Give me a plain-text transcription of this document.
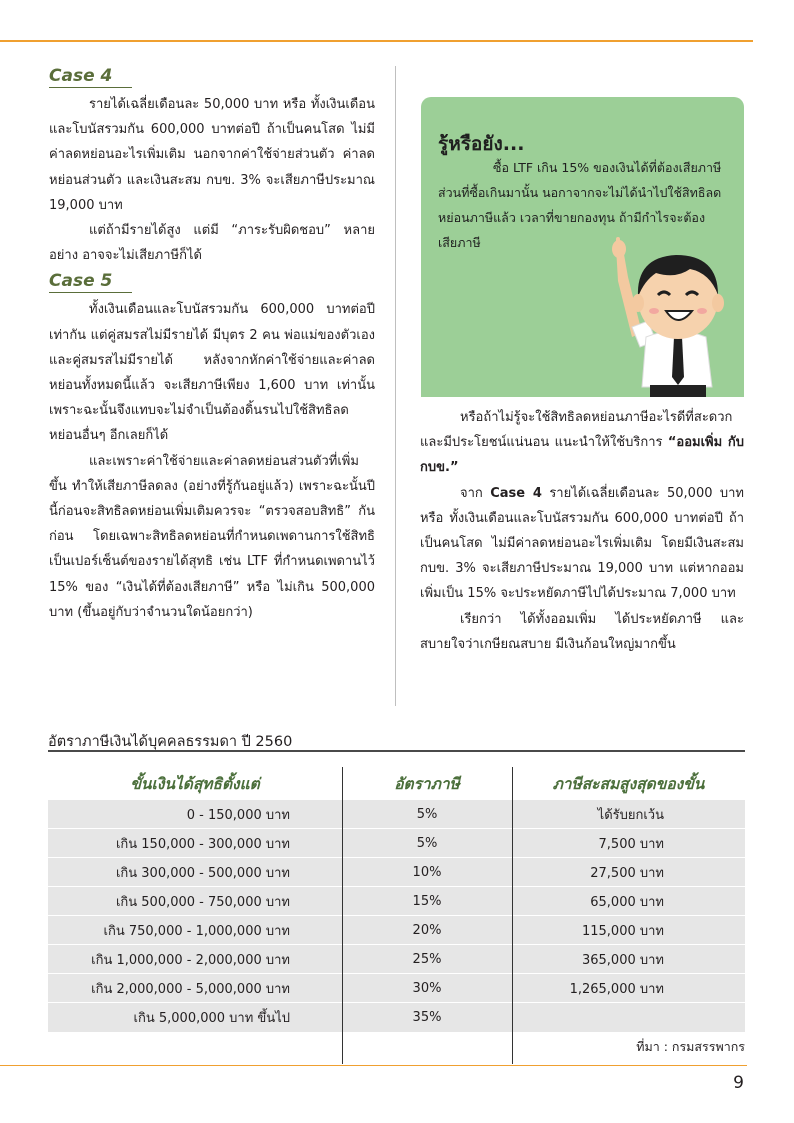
Case 4

รายได้เฉลี่ยเดือนละ 50,000 บาท หรือ ทั้งเงินเดือนและโบนัสรวมกัน 600,000 บาทต่อปี ถ้าเป็นคนโสด ไม่มีค่าลดหย่อนอะไรเพิ่มเติม นอกจากค่าใช้จ่ายส่วนตัว ค่าลดหย่อนส่วนตัว และเงินสะสม กบข. 3% จะเสียภาษีประมาณ 19,000 บาท

แต่ถ้ามีรายได้สูง แต่มี “ภาระรับผิดชอบ” หลายอย่าง อาจจะไม่เสียภาษีก็ได้

Case 5

ทั้งเงินเดือนและโบนัสรวมกัน 600,000 บาทต่อปีเท่ากัน แต่คู่สมรสไม่มีรายได้ มีบุตร 2 คน พ่อแม่ของตัวเองและคู่สมรสไม่มีรายได้ หลังจากหักค่าใช้จ่ายและค่าลดหย่อนทั้งหมดนี้แล้ว จะเสียภาษีเพียง 1,600 บาท เท่านั้น เพราะฉะนั้นจึงแทบจะไม่จำเป็นต้องดิ้นรนไปใช้สิทธิลดหย่อนอื่นๆ อีกเลยก็ได้

และเพราะค่าใช้จ่ายและค่าลดหย่อนส่วนตัวที่เพิ่มขึ้น ทำให้เสียภาษีลดลง (อย่างที่รู้กันอยู่แล้ว) เพราะฉะนั้นปีนี้ก่อนจะสิทธิลดหย่อนเพิ่มเติมควรจะ “ตรวจสอบสิทธิ” กันก่อน โดยเฉพาะสิทธิลดหย่อนที่กำหนดเพดานการใช้สิทธิเป็นเปอร์เซ็นต์ของรายได้สุทธิ เช่น LTF ที่กำหนดเพดานไว้ 15% ของ “เงินได้ที่ต้องเสียภาษี” หรือ ไม่เกิน 500,000 บาท (ขึ้นอยู่กับว่าจำนวนใดน้อยกว่า)

รู้หรือยัง...
ซื้อ LTF เกิน 15% ของเงินได้ที่ต้องเสียภาษี
ส่วนที่ซื้อเกินมานั้น นอกาจากจะไม่ได้นำไปใช้สิทธิลด
หย่อนภาษีแล้ว เวลาที่ขายกองทุน ถ้ามีกำไรจะต้อง
เสียภาษี

หรือถ้าไม่รู้จะใช้สิทธิลดหย่อนภาษีอะไรดีที่สะดวกและมีประโยชน์แน่นอน แนะนำให้ใช้บริการ “ออมเพิ่ม กับ กบข.”

จาก Case 4 รายได้เฉลี่ยเดือนละ 50,000 บาท หรือ ทั้งเงินเดือนและโบนัสรวมกัน 600,000 บาทต่อปี ถ้าเป็นคนโสด ไม่มีค่าลดหย่อนอะไรเพิ่มเติม โดยมีเงินสะสม กบข. 3% จะเสียภาษีประมาณ 19,000 บาท แต่หากออมเพิ่มเป็น 15% จะประหยัดภาษีไปได้ประมาณ 7,000 บาท

เรียกว่า ได้ทั้งออมเพิ่ม ได้ประหยัดภาษี และสบายใจว่าเกษียณสบาย มีเงินก้อนใหญ่มากขึ้น

อัตราภาษีเงินได้บุคคลธรรมดา ปี 2560
ขั้นเงินได้สุทธิตั้งแต่	อัตราภาษี	ภาษีสะสมสูงสุดของขั้น
0 - 150,000 บาท	5%	ได้รับยกเว้น
เกิน 150,000 - 300,000 บาท	5%	7,500 บาท
เกิน 300,000 - 500,000 บาท	10%	27,500 บาท
เกิน 500,000 - 750,000 บาท	15%	65,000 บาท
เกิน 750,000 - 1,000,000 บาท	20%	115,000 บาท
เกิน 1,000,000 - 2,000,000 บาท	25%	365,000 บาท
เกิน 2,000,000 - 5,000,000 บาท	30%	1,265,000 บาท
เกิน 5,000,000 บาท ขึ้นไป	35%
ที่มา : กรมสรรพากร
9
